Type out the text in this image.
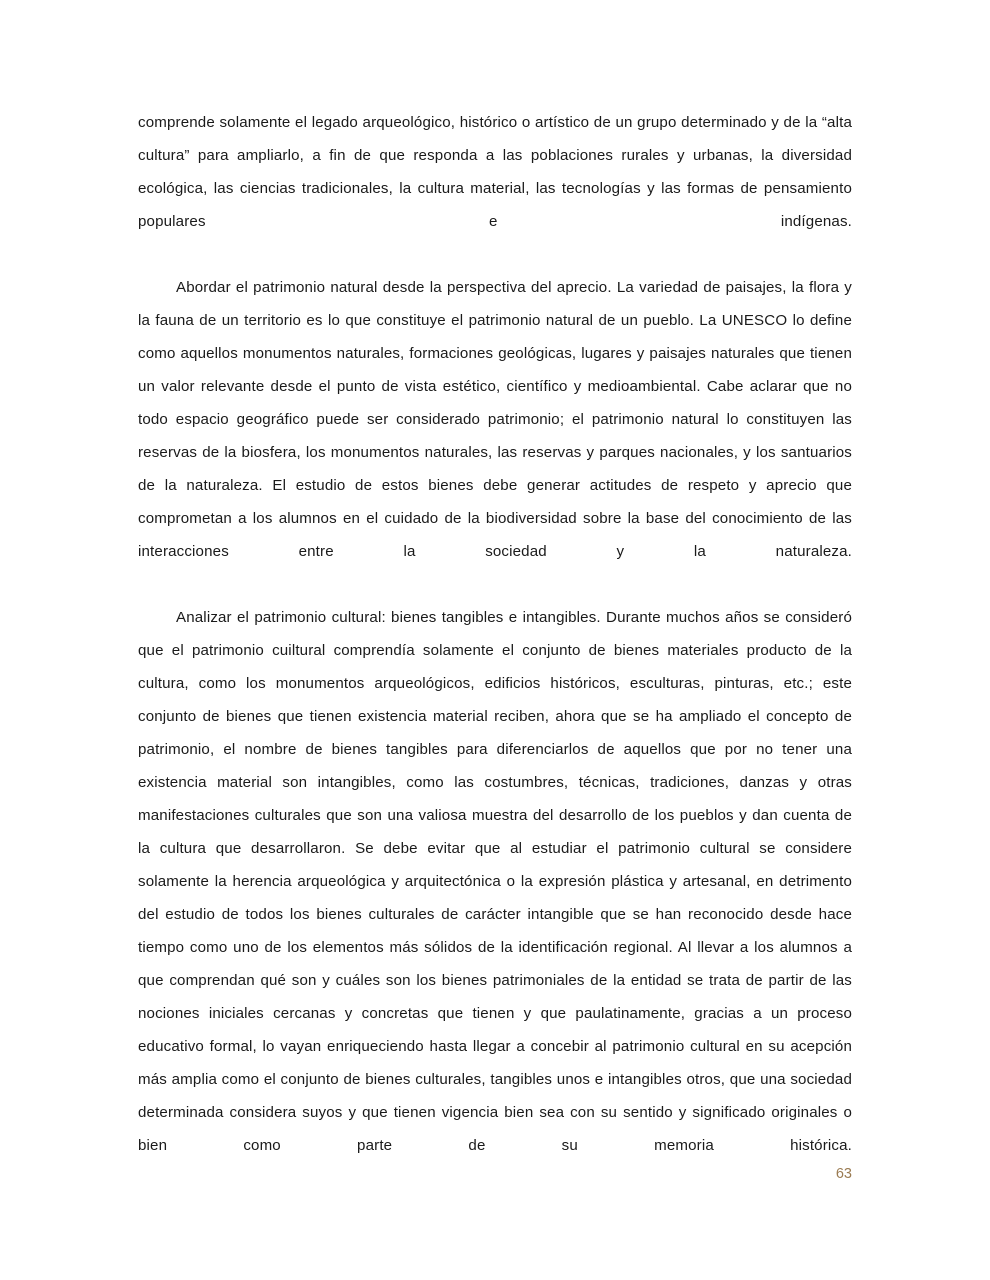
comprende solamente el legado arqueológico, histórico o artístico de un grupo determinado y de la “alta cultura” para ampliarlo, a fin de que responda a las poblaciones rurales y urbanas, la diversidad ecológica, las ciencias tradicionales, la cultura material, las tecnologías y las formas de pensamiento populares e indígenas.

Abordar el patrimonio natural desde la perspectiva del aprecio. La variedad de paisajes, la flora y la fauna de un territorio es lo que constituye el patrimonio natural de un pueblo. La UNESCO lo define como aquellos monumentos naturales, formaciones geológicas, lugares y paisajes naturales que tienen un valor relevante desde el punto de vista estético, científico y medioambiental. Cabe aclarar que no todo espacio geográfico puede ser considerado patrimonio; el patrimonio natural lo constituyen las reservas de la biosfera, los monumentos naturales, las reservas y parques nacionales, y los santuarios de la naturaleza. El estudio de estos bienes debe generar actitudes de respeto y aprecio que comprometan a los alumnos en el cuidado de la biodiversidad sobre la base del conocimiento de las interacciones entre la sociedad y la naturaleza.

Analizar el patrimonio cultural: bienes tangibles e intangibles. Durante muchos años se consideró que el patrimonio cuiltural comprendía solamente el conjunto de bienes materiales producto de la cultura, como los monumentos arqueológicos, edificios históricos, esculturas, pinturas, etc.; este conjunto de bienes que tienen existencia material reciben, ahora que se ha ampliado el concepto de patrimonio, el nombre de bienes tangibles para diferenciarlos de aquellos que por no tener una existencia material son intangibles, como las costumbres, técnicas, tradiciones, danzas y otras manifestaciones culturales que son una valiosa muestra del desarrollo de los pueblos y dan cuenta de la cultura que desarrollaron. Se debe evitar que al estudiar el patrimonio cultural se considere solamente la herencia arqueológica y arquitectónica o la expresión plástica y artesanal, en detrimento del estudio de todos los bienes culturales de carácter intangible que se han reconocido desde hace tiempo como uno de los elementos más sólidos de la identificación regional. Al llevar a los alumnos a que comprendan qué son y cuáles son los bienes patrimoniales de la entidad se trata de partir de las nociones iniciales cercanas y concretas que tienen y que paulatinamente, gracias a un proceso educativo formal, lo vayan enriqueciendo hasta llegar a concebir al patrimonio cultural en su acepción más amplia como el conjunto de bienes culturales, tangibles unos e intangibles otros, que una sociedad determinada considera suyos y que tienen vigencia bien sea con su sentido y significado originales o bien como parte de su memoria histórica.

63
